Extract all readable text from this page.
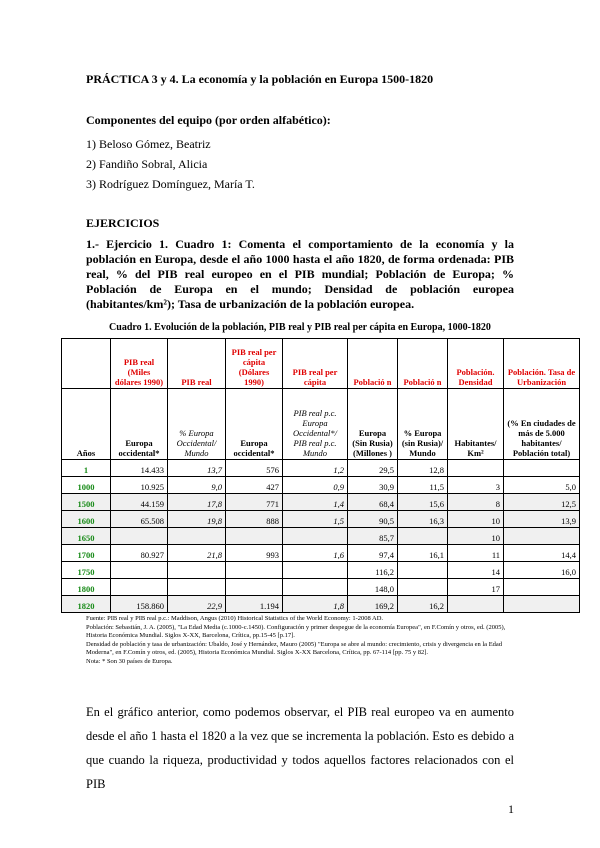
PRÁCTICA 3 y 4. La economía y la población en Europa 1500-1820
Componentes del equipo (por orden alfabético):
1) Beloso Gómez, Beatriz
2) Fandiño Sobral, Alicia
3) Rodríguez Domínguez, María T.
EJERCICIOS
1.- Ejercicio 1. Cuadro 1: Comenta el comportamiento de la economía y la población en Europa, desde el año 1000 hasta el año 1820, de forma ordenada: PIB real, % del PIB real europeo en el PIB mundial; Población de Europa; % Población de Europa en el mundo; Densidad de población europea (habitantes/km²); Tasa de urbanización de la población europea.
Cuadro 1. Evolución de la población, PIB real y PIB real per cápita en Europa, 1000-1820
	PIB real (Miles dólares 1990)	PIB real	PIB real per cápita (Dólares 1990)	PIB real per cápita	Població n	Població n	Población. Densidad	Población. Tasa de Urbanización
Años	Europa occidental*	% Europa Occidental/ Mundo	Europa occidental*	PIB real p.c. Europa Occidental*/ PIB real p.c. Mundo	Europa (Sin Rusia) (Millones )	% Europa (sin Rusia)/ Mundo	Habitantes/ Km²	(% En ciudades de más de 5.000 habitantes/ Población total)
1	14.433	13,7	576	1,2	29,5	12,8		
1000	10.925	9,0	427	0,9	30,9	11,5	3	5,0
1500	44.159	17,8	771	1,4	68,4	15,6	8	12,5
1600	65.508	19,8	888	1,5	90,5	16,3	10	13,9
1650					85,7		10	
1700	80.927	21,8	993	1,6	97,4	16,1	11	14,4
1750					116,2		14	16,0
1800					148,0		17	
1820	158.860	22,9	1.194	1,8	169,2	16,2		
Fuente: PIB real y PIB real p.c.: Maddison, Angus (2010) Historical Statistics of the World Economy: 1-2008 AD.
Población: Sebastián, J. A. (2005), "La Edad Media (c.1000-c.1450). Configuración y primer despegue de la economía Europea", en F.Comín y otros, ed. (2005), Historia Económica Mundial. Siglos X-XX, Barcelona, Crítica, pp.15-45 [p.17].
Densidad de población y tasa de urbanización: Ubaldo, José y Hernández, Mauro (2005) "Europa se abre al mundo: crecimiento, crisis y divergencia en la Edad Moderna", en F.Comín y otros, ed. (2005), Historia Económica Mundial. Siglos X-XX Barcelona, Crítica, pp. 67-114 [pp. 75 y 82].
Nota: * Son 30 países de Europa.
En el gráfico anterior, como podemos observar, el PIB real europeo va en aumento desde el año 1 hasta el 1820 a la vez que se incrementa la población. Esto es debido a que cuando la riqueza, productividad y todos aquellos factores relacionados con el PIB
1
